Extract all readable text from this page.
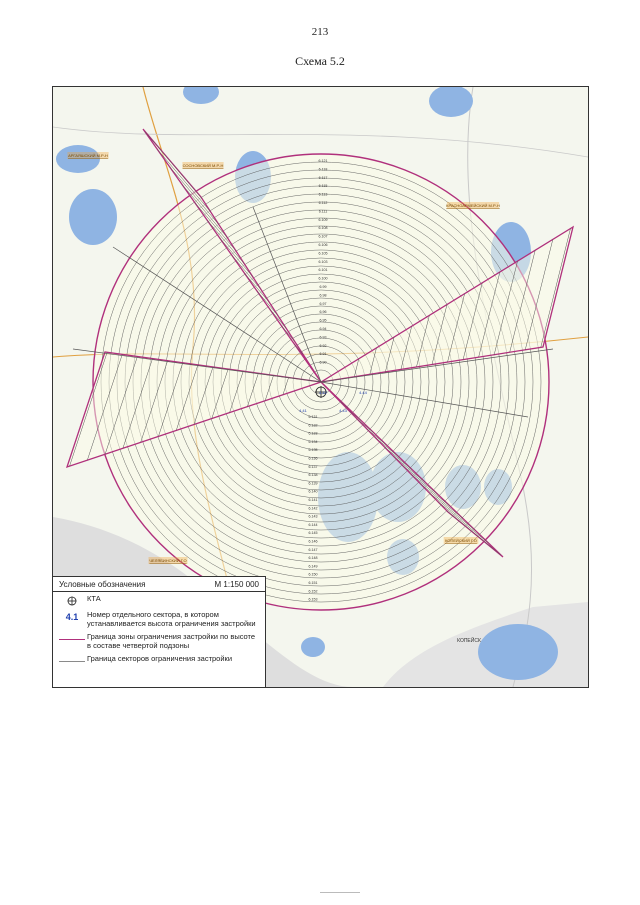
213
Схема 5.2
6.121
6.118
6.117
6.115
6.113
6.112
6.111
6.109
6.108
6.107
6.106
6.105
6.103
6.101
6.100
6.99
6.98
6.97
6.96
6.95
6.94
6.93
6.92
6.91
6.90
6.131
6.132
6.133
6.134
6.135
6.136
6.137
6.138
6.139
6.140
6.141
6.142
6.143
6.144
6.145
6.146
6.147
6.148
6.149
6.150
6.151
6.152
6.153
4.41
4.42
4.43
4.44
АРГАЯШСКИЙ М.Р-Н
СОСНОВСКИЙ М.Р-Н
КРАСНОАРМЕЙСКИЙ М.Р-Н
ЧЕЛЯБИНСКИЙ Г.О
КОПЕЙСКИЙ Г.О
КОПЕЙСК
Условные обозначения	М 1:150 000
КТА
4.1 Номер отдельного сектора, в котором устанавливается высота ограничения застройки
Граница зоны ограничения застройки по высоте в составе четвертой подзоны
Граница секторов ограничения застройки
